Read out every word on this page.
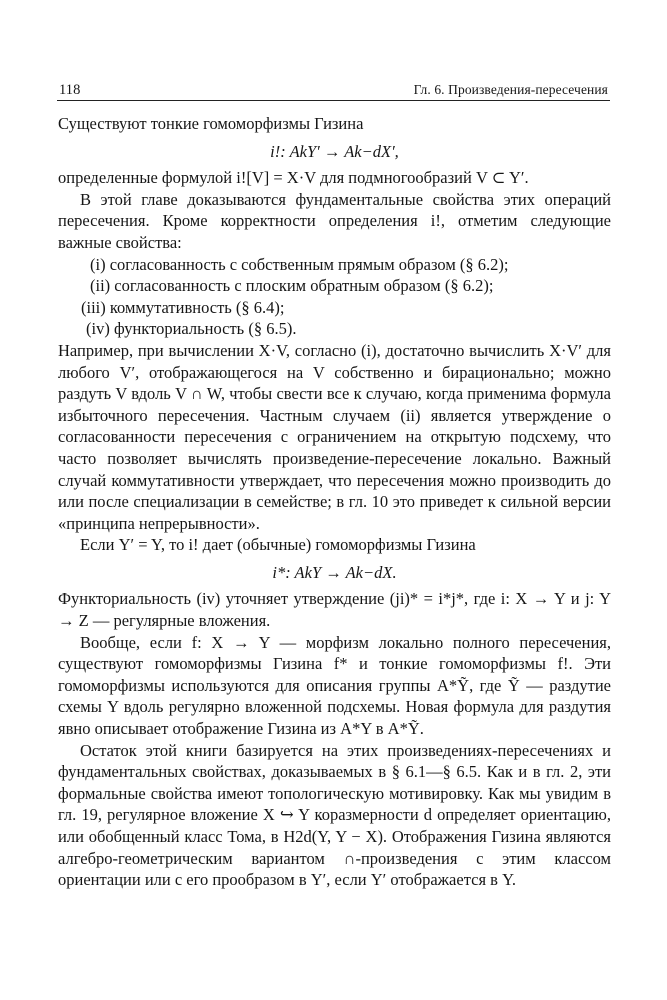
118	Гл. 6. Произведения-пересечения

Существуют тонкие гомоморфизмы Гизина

i!: AkY′ → Ak−dX′,

определенные формулой i![V] = X·V для подмногообразий V ⊂ Y′.

В этой главе доказываются фундаментальные свойства этих операций пересечения. Кроме корректности определения i!, отметим следующие важные свойства:

(i) согласованность с собственным прямым образом (§ 6.2);

(ii) согласованность с плоским обратным образом (§ 6.2);

(iii) коммутативность (§ 6.4);

(iv) функториальность (§ 6.5).

Например, при вычислении X·V, согласно (i), достаточно вычислить X·V′ для любого V′, отображающегося на V собственно и бирационально; можно раздуть V вдоль V ∩ W, чтобы свести все к случаю, когда применима формула избыточного пересечения. Частным случаем (ii) является утверждение о согласованности пересечения с ограничением на открытую подсхему, что часто позволяет вычислять произведение-пересечение локально. Важный случай коммутативности утверждает, что пересечения можно производить до или после специализации в семействе; в гл. 10 это приведет к сильной версии «принципа непрерывности».

Если Y′ = Y, то i! дает (обычные) гомоморфизмы Гизина

i*: AkY → Ak−dX.

Функториальность (iv) уточняет утверждение (ji)* = i*j*, где i: X → Y и j: Y → Z — регулярные вложения.

Вообще, если f: X → Y — морфизм локально полного пересечения, существуют гомоморфизмы Гизина f* и тонкие гомоморфизмы f!. Эти гомоморфизмы используются для описания группы A*Ỹ, где Ỹ — раздутие схемы Y вдоль регулярно вложенной подсхемы. Новая формула для раздутия явно описывает отображение Гизина из A*Y в A*Ỹ.

Остаток этой книги базируется на этих произведениях-пересечениях и фундаментальных свойствах, доказываемых в § 6.1—§ 6.5. Как и в гл. 2, эти формальные свойства имеют топологическую мотивировку. Как мы увидим в гл. 19, регулярное вложение X ↪ Y коразмерности d определяет ориентацию, или обобщенный класс Тома, в H2d(Y, Y − X). Отображения Гизина являются алгебро-геометрическим вариантом ∩-произведения с этим классом ориентации или с его прообразом в Y′, если Y′ отображается в Y.
